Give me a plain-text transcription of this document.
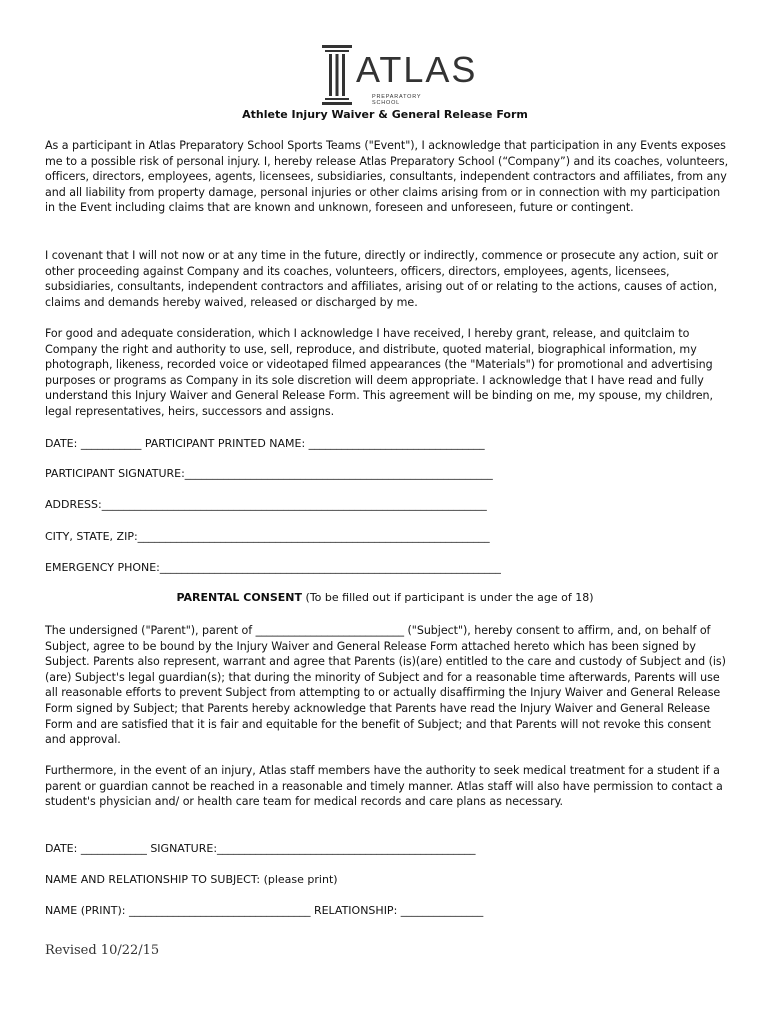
ATLAS
PREPARATORY SCHOOL
Athlete Injury Waiver & General Release Form

As a participant in Atlas Preparatory School Sports Teams ("Event"), I acknowledge that participation in any Events exposes me to a possible risk of personal injury. I, hereby release Atlas Preparatory School (“Company”) and its coaches, volunteers, officers, directors, employees, agents, licensees, subsidiaries, consultants, independent contractors and affiliates, from any and all liability from property damage, personal injuries or other claims arising from or in connection with my participation in the Event including claims that are known and unknown, foreseen and unforeseen, future or contingent.

I covenant that I will not now or at any time in the future, directly or indirectly, commence or prosecute any action, suit or other proceeding against Company and its coaches, volunteers, officers, directors, employees, agents, licensees, subsidiaries, consultants, independent contractors and affiliates, arising out of or relating to the actions, causes of action, claims and demands hereby waived, released or discharged by me.

For good and adequate consideration, which I acknowledge I have received, I hereby grant, release, and quitclaim to Company the right and authority to use, sell, reproduce, and distribute, quoted material, biographical information, my photograph, likeness, recorded voice or videotaped filmed appearances (the "Materials") for promotional and advertising purposes or programs as Company in its sole discretion will deem appropriate. I acknowledge that I have read and fully understand this Injury Waiver and General Release Form. This agreement will be binding on me, my spouse, my children, legal representatives, heirs, successors and assigns.

DATE: ___________ PARTICIPANT PRINTED NAME: ________________________________
PARTICIPANT SIGNATURE:________________________________________________________
ADDRESS:______________________________________________________________________
CITY, STATE, ZIP:________________________________________________________________
EMERGENCY PHONE:______________________________________________________________
PARENTAL CONSENT (To be filled out if participant is under the age of 18)

The undersigned ("Parent"), parent of ___________________________ ("Subject"), hereby consent to affirm, and, on behalf of Subject, agree to be bound by the Injury Waiver and General Release Form attached hereto which has been signed by Subject. Parents also represent, warrant and agree that Parents (is)(are) entitled to the care and custody of Subject and (is)(are) Subject's legal guardian(s); that during the minority of Subject and for a reasonable time afterwards, Parents will use all reasonable efforts to prevent Subject from attempting to or actually disaffirming the Injury Waiver and General Release Form signed by Subject; that Parents hereby acknowledge that Parents have read the Injury Waiver and General Release Form and are satisfied that it is fair and equitable for the benefit of Subject; and that Parents will not revoke this consent and approval.

Furthermore, in the event of an injury, Atlas staff members have the authority to seek medical treatment for a student if a parent or guardian cannot be reached in a reasonable and timely manner. Atlas staff will also have permission to contact a student's physician and/ or health care team for medical records and care plans as necessary.

DATE: ____________ SIGNATURE:_______________________________________________
NAME AND RELATIONSHIP TO SUBJECT: (please print)
NAME (PRINT): _________________________________ RELATIONSHIP: _______________
Revised 10/22/15
